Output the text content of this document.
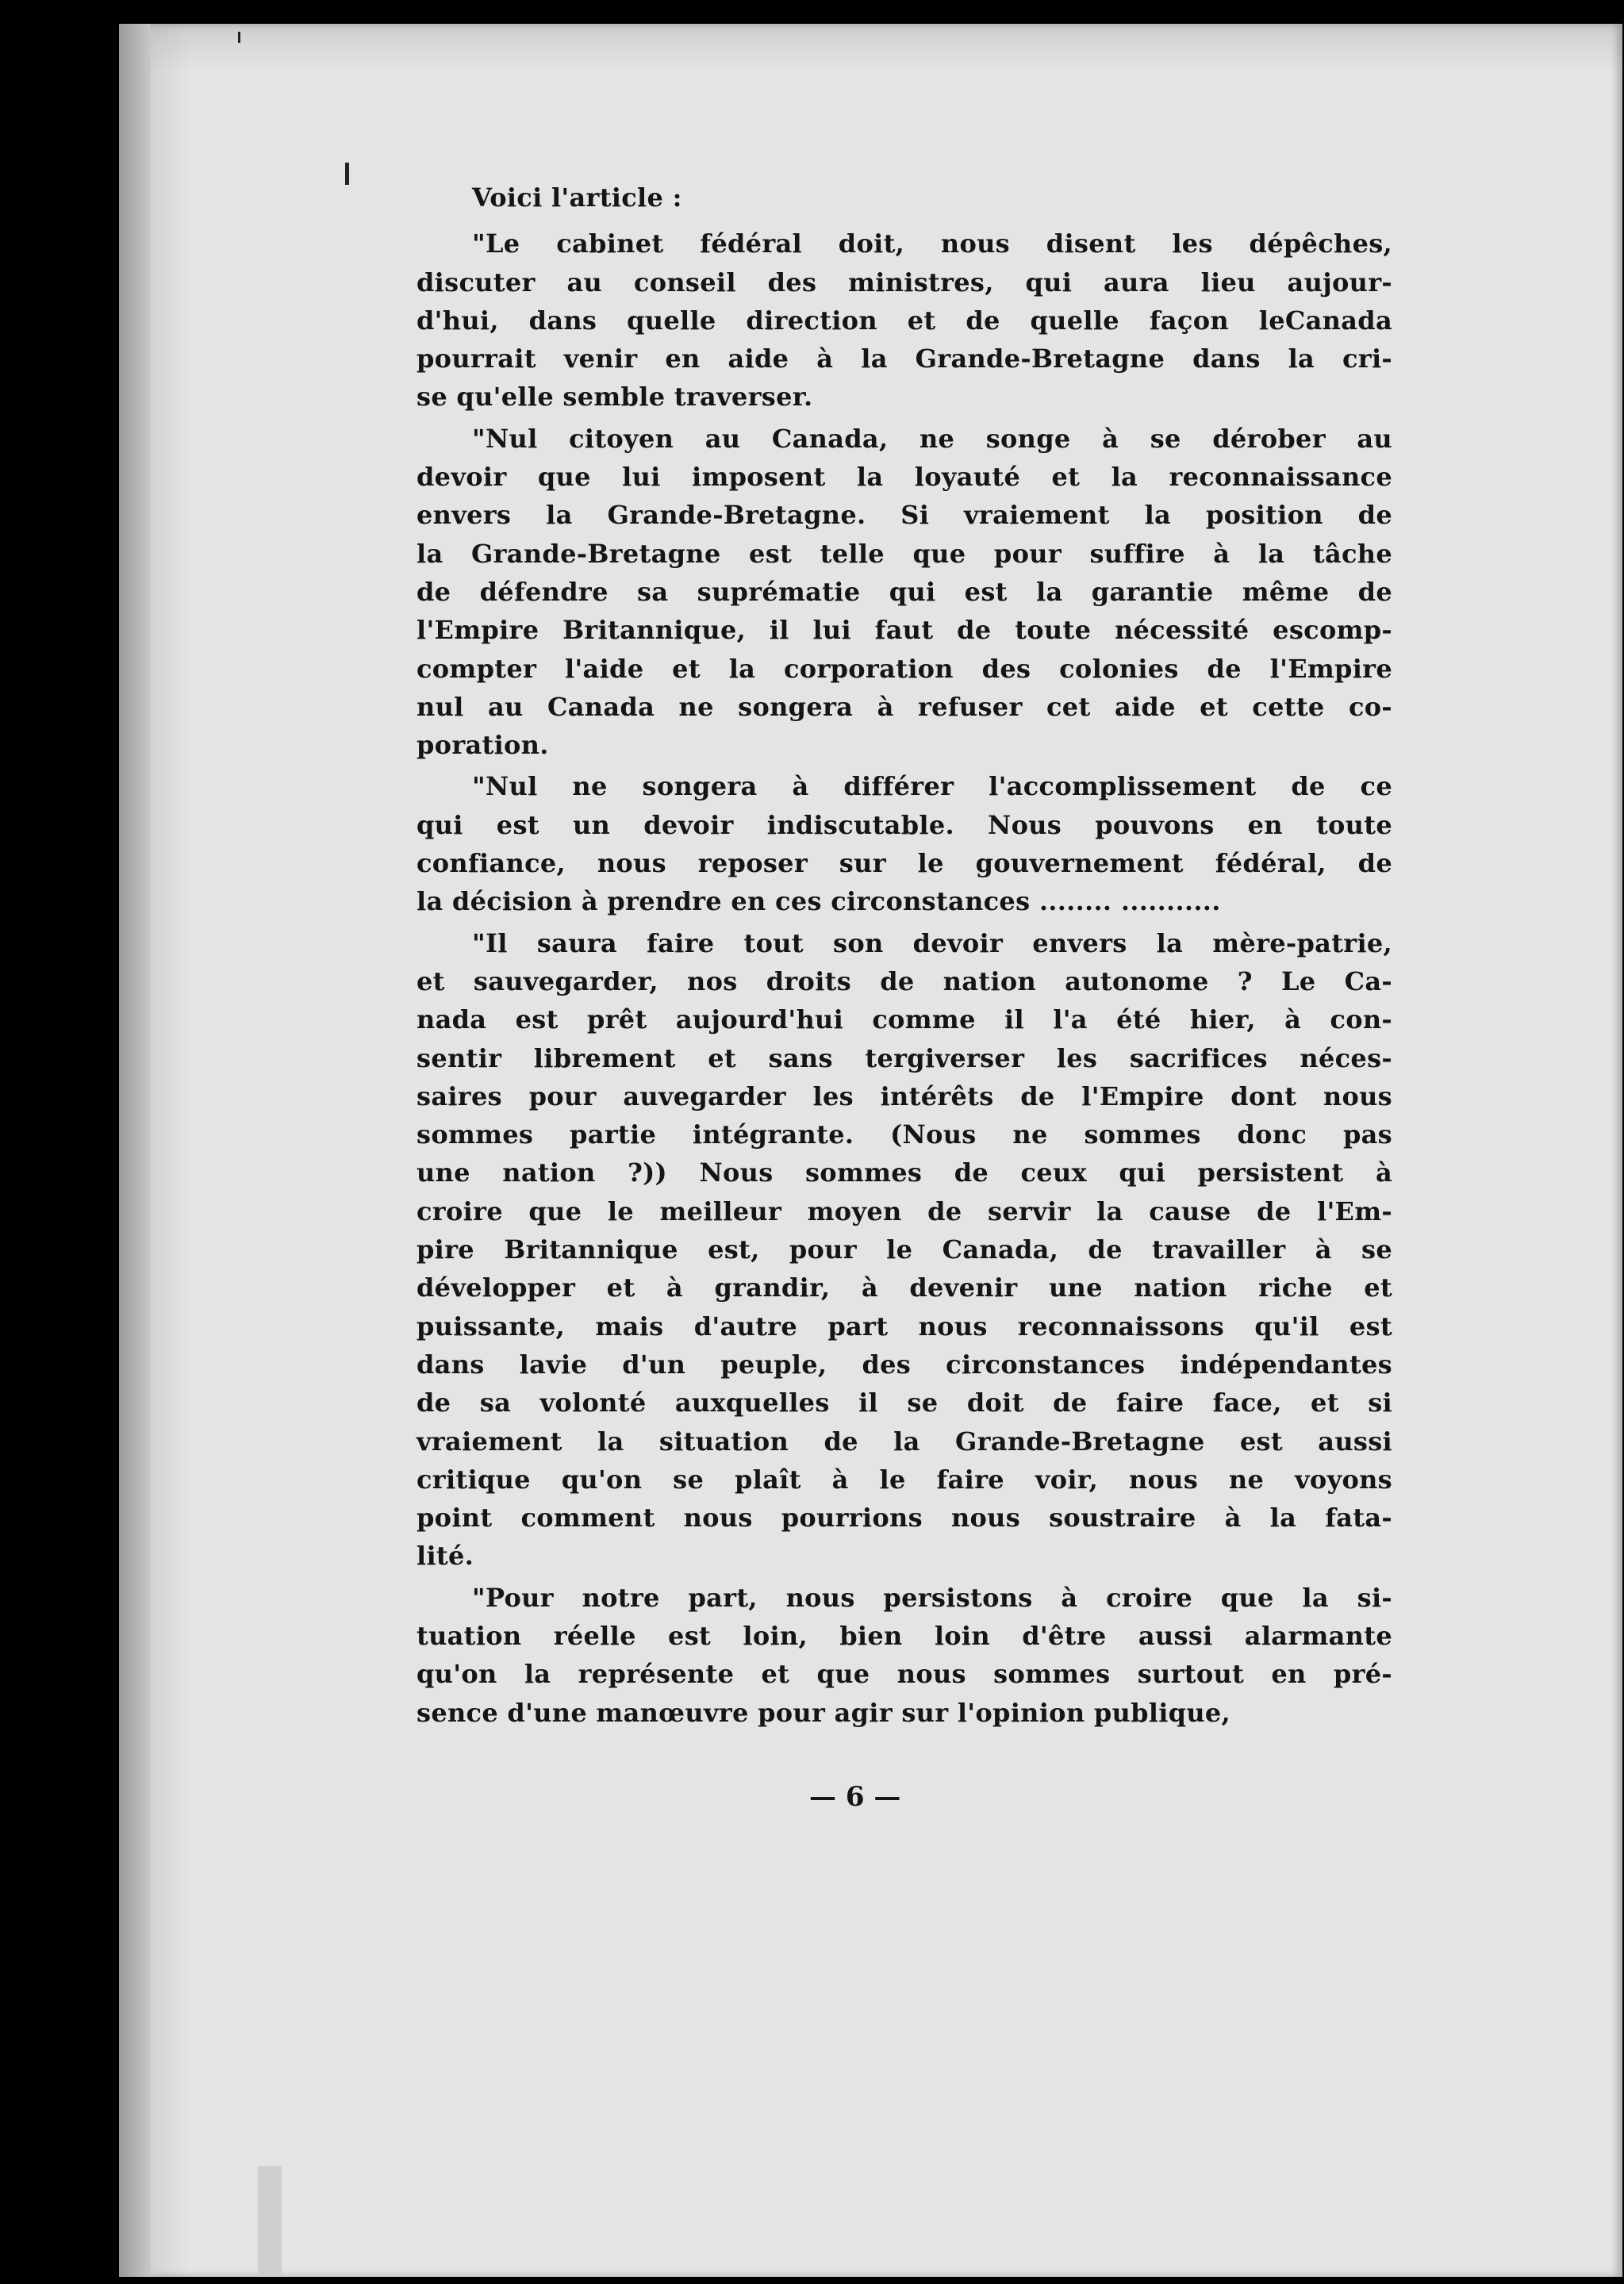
Voici l'article :
"Le cabinet fédéral doit, nous disent les dépêches,
discuter au conseil des ministres, qui aura lieu aujour-
d'hui, dans quelle direction et de quelle façon leCanada
pourrait venir en aide à la Grande-Bretagne dans la cri-
se qu'elle semble traverser.
"Nul citoyen au Canada, ne songe à se dérober au
devoir que lui imposent la loyauté et la reconnaissance
envers la Grande-Bretagne. Si vraiement la position de
la Grande-Bretagne est telle que pour suffire à la tâche
de défendre sa suprématie qui est la garantie même de
l'Empire Britannique, il lui faut de toute nécessité escomp-
compter l'aide et la corporation des colonies de l'Empire
nul au Canada ne songera à refuser cet aide et cette co-
poration.
"Nul ne songera à différer l'accomplissement de ce
qui est un devoir indiscutable. Nous pouvons en toute
confiance, nous reposer sur le gouvernement fédéral, de
la décision à prendre en ces circonstances ........ ...........
"Il saura faire tout son devoir envers la mère-patrie,
et sauvegarder, nos droits de nation autonome ? Le Ca-
nada est prêt aujourd'hui comme il l'a été hier, à con-
sentir librement et sans tergiverser les sacrifices néces-
saires pour auvegarder les intérêts de l'Empire dont nous
sommes partie intégrante. (Nous ne sommes donc pas
une nation ?)) Nous sommes de ceux qui persistent à
croire que le meilleur moyen de servir la cause de l'Em-
pire Britannique est, pour le Canada, de travailler à se
développer et à grandir, à devenir une nation riche et
puissante, mais d'autre part nous reconnaissons qu'il est
dans lavie d'un peuple, des circonstances indépendantes
de sa volonté auxquelles il se doit de faire face, et si
vraiement la situation de la Grande-Bretagne est aussi
critique qu'on se plaît à le faire voir, nous ne voyons
point comment nous pourrions nous soustraire à la fata-
lité.
"Pour notre part, nous persistons à croire que la si-
tuation réelle est loin, bien loin d'être aussi alarmante
qu'on la représente et que nous sommes surtout en pré-
sence d'une manœuvre pour agir sur l'opinion publique,
— 6 —
